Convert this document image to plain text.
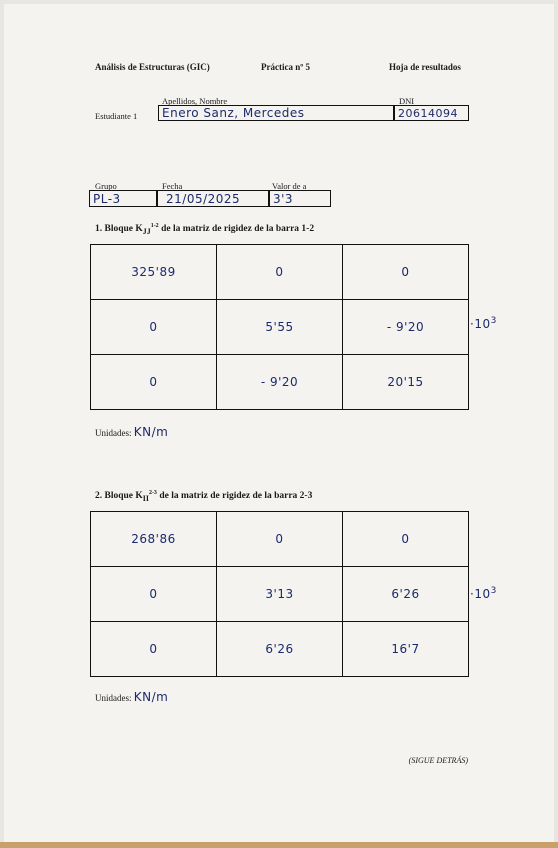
Análisis de Estructuras (GIC)	Práctica nº 5	Hoja de resultados
Apellidos, Nombre	DNI
Estudiante 1 Enero Sanz, Mercedes	20614094
Grupo	Fecha	Valor de a
PL-3	21/05/2025	3'3
1. Bloque $K_{JJ}^{1-2}$ de la matriz de rigidez de la barra 1-2
325'89	0	0
0	5'55	- 9'20
0	- 9'20	20'15
$\cdot 10^3$
Unidades: KN/m
2. Bloque $K_{II}^{2-3}$ de la matriz de rigidez de la barra 2-3
268'86	0	0
0	3'13	6'26
0	6'26	16'7
$\cdot 10^3$
Unidades: KN/m
(SIGUE DETRÁS)
